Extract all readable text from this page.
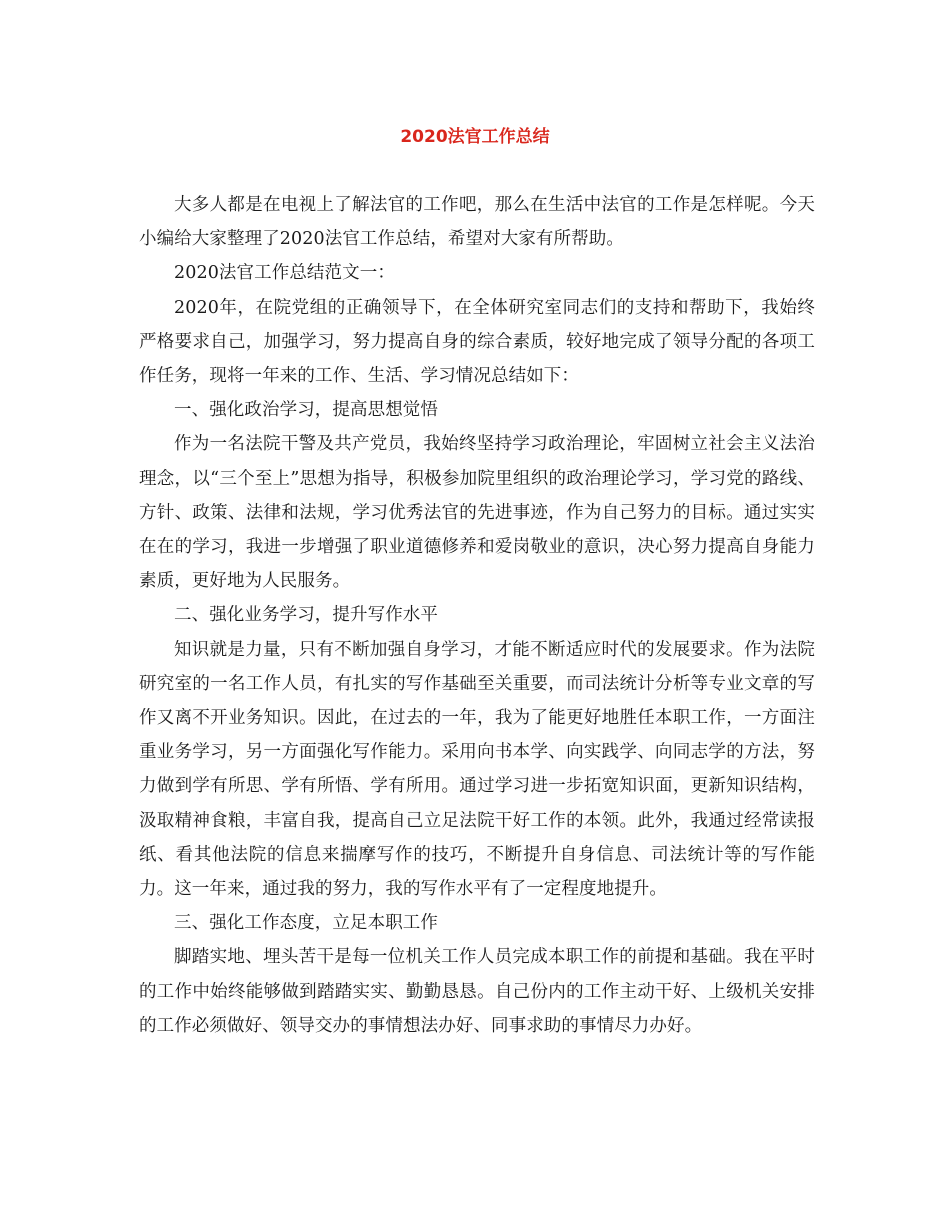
2020法官工作总结

大多人都是在电视上了解法官的工作吧，那么在生活中法官的工作是怎样呢。今天小编给大家整理了2020法官工作总结，希望对大家有所帮助。

2020法官工作总结范文一：

2020年，在院党组的正确领导下，在全体研究室同志们的支持和帮助下，我始终严格要求自己，加强学习，努力提高自身的综合素质，较好地完成了领导分配的各项工作任务，现将一年来的工作、生活、学习情况总结如下：

一、强化政治学习，提高思想觉悟

作为一名法院干警及共产党员，我始终坚持学习政治理论，牢固树立社会主义法治理念，以“三个至上”思想为指导，积极参加院里组织的政治理论学习，学习党的路线、方针、政策、法律和法规，学习优秀法官的先进事迹，作为自己努力的目标。通过实实在在的学习，我进一步增强了职业道德修养和爱岗敬业的意识，决心努力提高自身能力素质，更好地为人民服务。

二、强化业务学习，提升写作水平

知识就是力量，只有不断加强自身学习，才能不断适应时代的发展要求。作为法院研究室的一名工作人员，有扎实的写作基础至关重要，而司法统计分析等专业文章的写作又离不开业务知识。因此，在过去的一年，我为了能更好地胜任本职工作，一方面注重业务学习，另一方面强化写作能力。采用向书本学、向实践学、向同志学的方法，努力做到学有所思、学有所悟、学有所用。通过学习进一步拓宽知识面，更新知识结构，汲取精神食粮，丰富自我，提高自己立足法院干好工作的本领。此外，我通过经常读报纸、看其他法院的信息来揣摩写作的技巧，不断提升自身信息、司法统计等的写作能力。这一年来，通过我的努力，我的写作水平有了一定程度地提升。

三、强化工作态度，立足本职工作

脚踏实地、埋头苦干是每一位机关工作人员完成本职工作的前提和基础。我在平时的工作中始终能够做到踏踏实实、勤勤恳恳。自己份内的工作主动干好、上级机关安排的工作必须做好、领导交办的事情想法办好、同事求助的事情尽力办好。
